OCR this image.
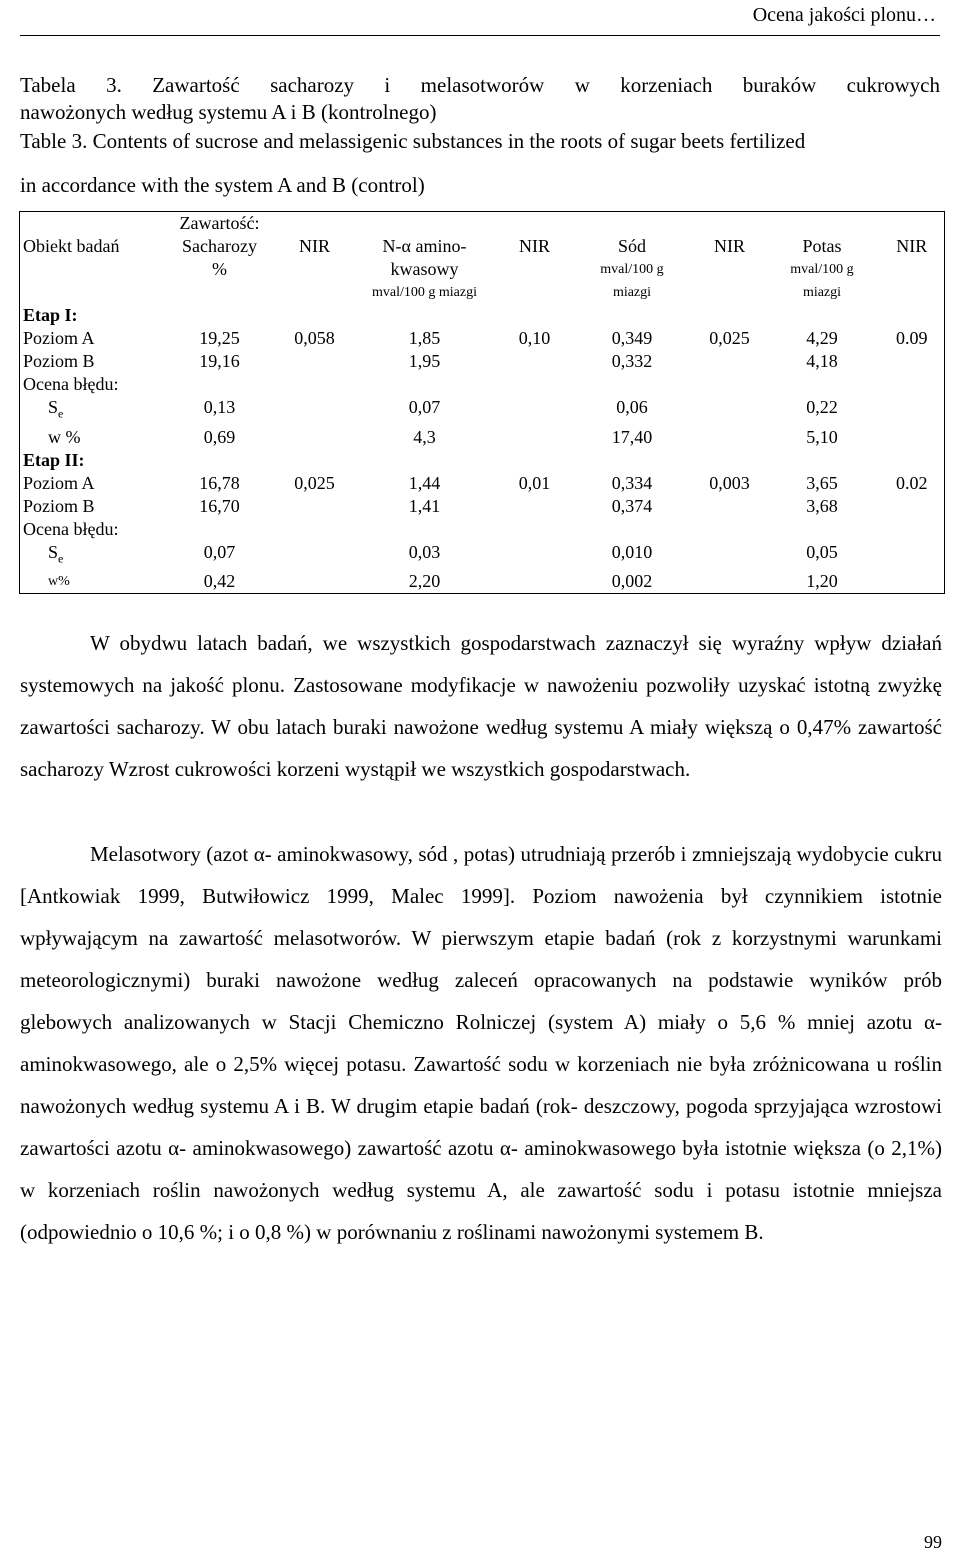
Ocena jakości plonu…
Tabela 3. Zawartość sacharozy i melasotworów w korzeniach buraków cukrowych
nawożonych według systemu A i B (kontrolnego)
Table 3. Contents of sucrose and melassigenic substances in the roots of sugar beets fertilized
in accordance with the system A and B (control)
	Zawartość:							
Obiekt badań	Sacharozy	NIR	N-α amino-	NIR	Sód	NIR	Potas	NIR
	%		kwasowy		mval/100 g		mval/100 g	
			mval/100 g miazgi		miazgi		miazgi	
Etap I:								
Poziom A	19,25	0,058	1,85	0,10	0,349	0,025	4,29	0.09
Poziom B	19,16		1,95		0,332		4,18	
Ocena błędu:								
$S_e$	0,13		0,07		0,06		0,22	
w %	0,69		4,3		17,40		5,10	
Etap II:								
Poziom A	16,78	0,025	1,44	0,01	0,334	0,003	3,65	0.02
Poziom B	16,70		1,41		0,374		3,68	
Ocena błędu:								
$S_e$	0,07		0,03		0,010		0,05	
w%	0,42		2,20		0,002		1,20	

W obydwu latach badań, we wszystkich gospodarstwach zaznaczył się wyraźny wpływ działań systemowych na jakość plonu. Zastosowane modyfikacje w nawożeniu pozwoliły uzyskać istotną zwyżkę zawartości sacharozy. W obu latach buraki nawożone według systemu A miały większą o 0,47% zawartość sacharozy Wzrost cukrowości korzeni wystąpił we wszystkich gospodarstwach.

Melasotwory (azot α- aminokwasowy, sód , potas) utrudniają przerób i zmniejszają wydobycie cukru [Antkowiak 1999, Butwiłowicz 1999, Malec 1999]. Poziom nawożenia był czynnikiem istotnie wpływającym na zawartość melasotworów. W pierwszym etapie badań (rok z korzystnymi warunkami meteorologicznymi) buraki nawożone według zaleceń opracowanych na podstawie wyników prób glebowych analizowanych w Stacji Chemiczno Rolniczej (system A) miały o 5,6 % mniej azotu α- aminokwasowego, ale o 2,5% więcej potasu. Zawartość sodu w korzeniach nie była zróżnicowana u roślin nawożonych według systemu A i B. W drugim etapie badań (rok- deszczowy, pogoda sprzyjająca wzrostowi zawartości azotu α- aminokwasowego) zawartość azotu α- aminokwasowego była istotnie większa (o 2,1%) w korzeniach roślin nawożonych według systemu A, ale zawartość sodu i potasu istotnie mniejsza (odpowiednio o 10,6 %; i o 0,8 %) w porównaniu z roślinami nawożonymi systemem B.

99
